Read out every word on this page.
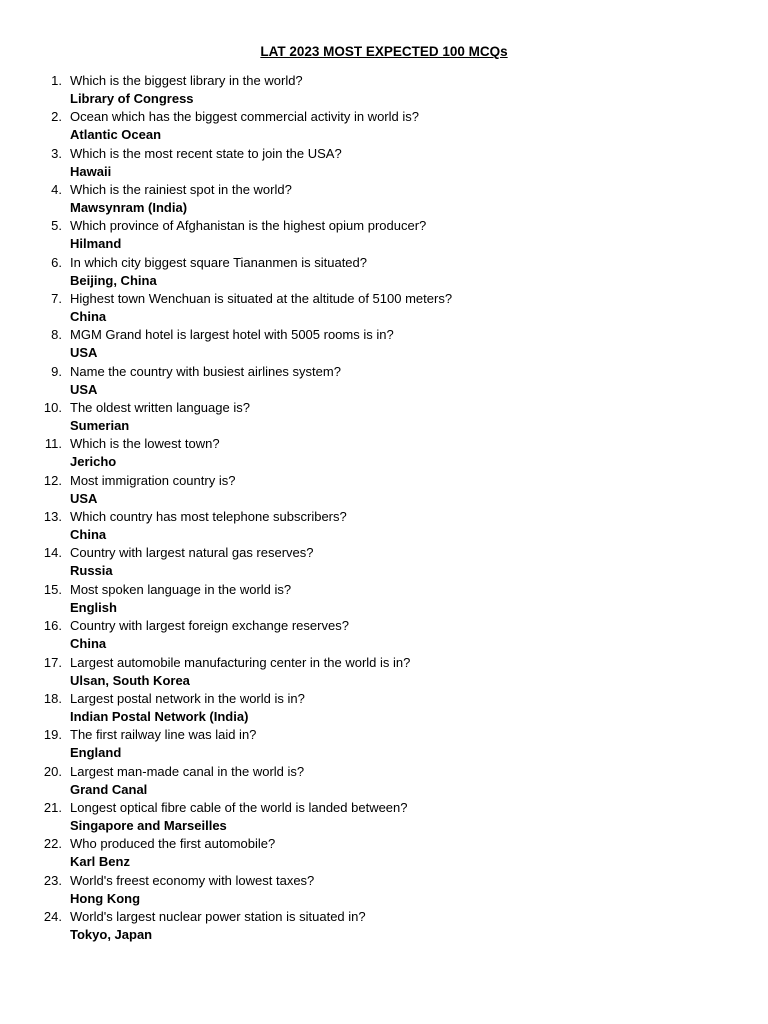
LAT 2023 MOST EXPECTED 100 MCQs
1. Which is the biggest library in the world?
Library of Congress
2. Ocean which has the biggest commercial activity in world is?
Atlantic Ocean
3. Which is the most recent state to join the USA?
Hawaii
4. Which is the rainiest spot in the world?
Mawsynram (India)
5. Which province of Afghanistan is the highest opium producer?
Hilmand
6. In which city biggest square Tiananmen is situated?
Beijing, China
7. Highest town Wenchuan is situated at the altitude of 5100 meters?
China
8. MGM Grand hotel is largest hotel with 5005 rooms is in?
USA
9. Name the country with busiest airlines system?
USA
10. The oldest written language is?
Sumerian
11. Which is the lowest town?
Jericho
12. Most immigration country is?
USA
13. Which country has most telephone subscribers?
China
14. Country with largest natural gas reserves?
Russia
15. Most spoken language in the world is?
English
16. Country with largest foreign exchange reserves?
China
17. Largest automobile manufacturing center in the world is in?
Ulsan, South Korea
18. Largest postal network in the world is in?
Indian Postal Network (India)
19. The first railway line was laid in?
England
20. Largest man-made canal in the world is?
Grand Canal
21. Longest optical fibre cable of the world is landed between?
Singapore and Marseilles
22. Who produced the first automobile?
Karl Benz
23. World's freest economy with lowest taxes?
Hong Kong
24. World's largest nuclear power station is situated in?
Tokyo, Japan
